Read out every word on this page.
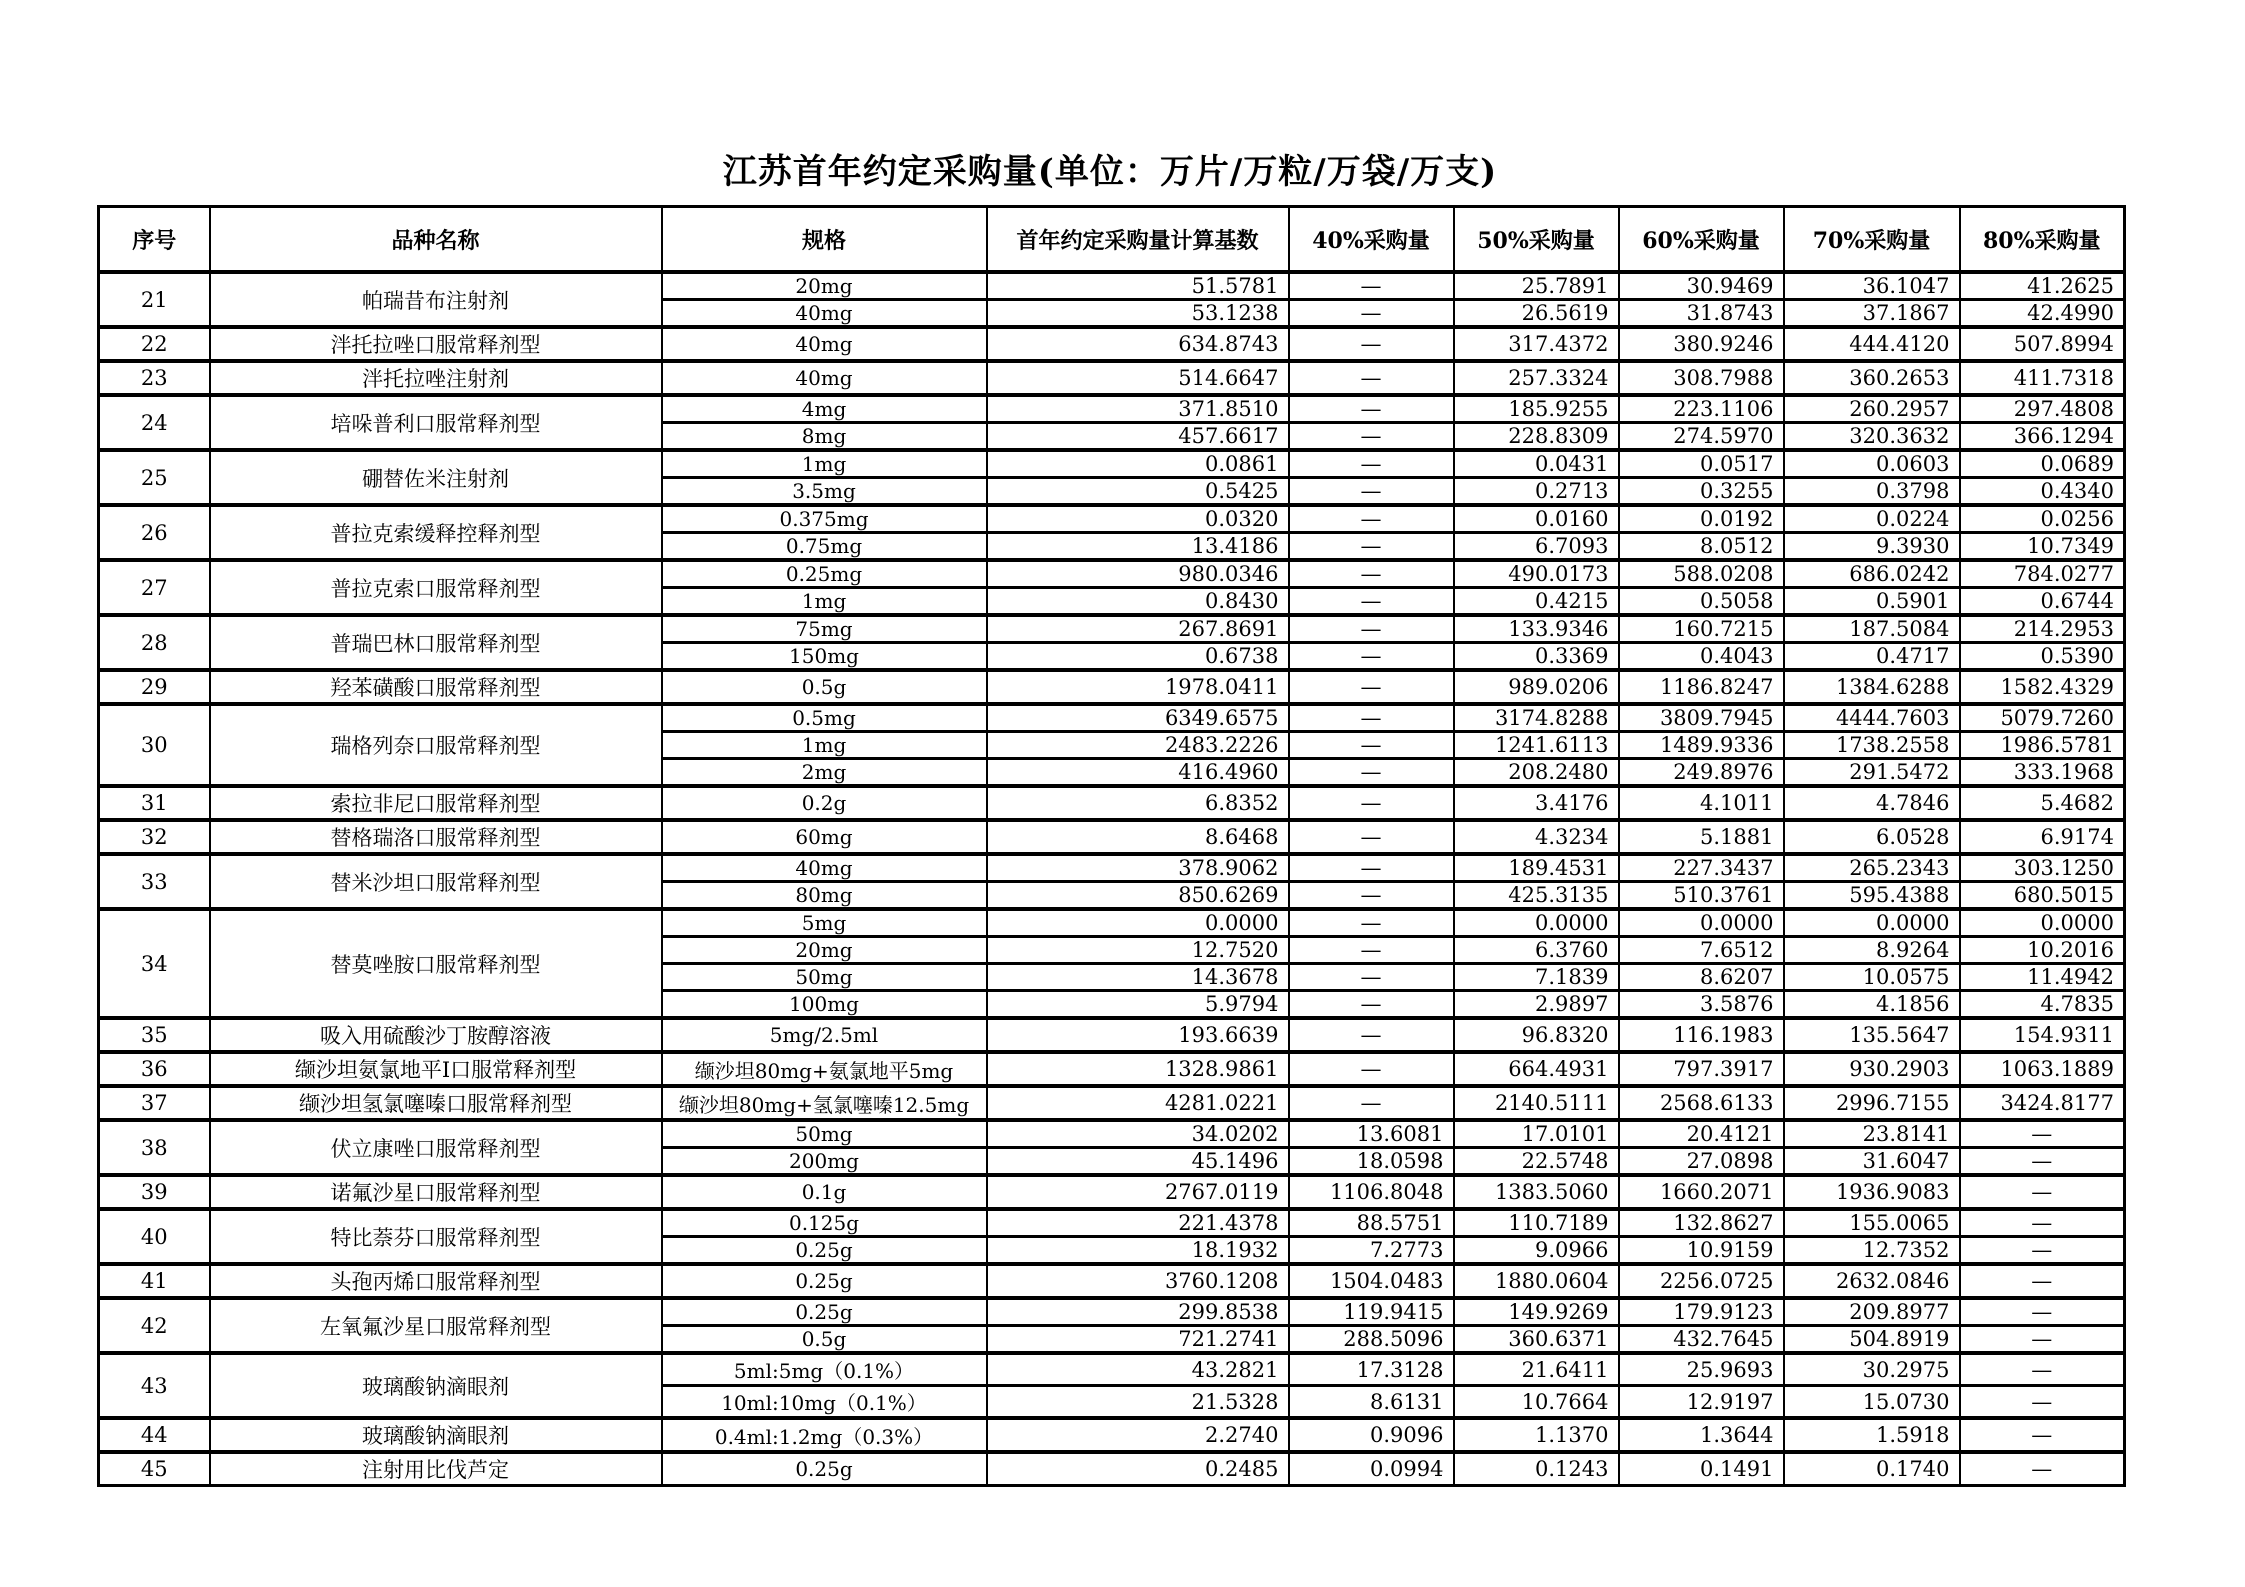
江苏首年约定采购量(单位：万片/万粒/万袋/万支)
序号	品种名称	规格	首年约定采购量计算基数	40%采购量	50%采购量	60%采购量	70%采购量	80%采购量
21	帕瑞昔布注射剂	20mg	51.5781	—	25.7891	30.9469	36.1047	41.2625
		40mg	53.1238	—	26.5619	31.8743	37.1867	42.4990
22	泮托拉唑口服常释剂型	40mg	634.8743	—	317.4372	380.9246	444.4120	507.8994
23	泮托拉唑注射剂	40mg	514.6647	—	257.3324	308.7988	360.2653	411.7318
24	培哚普利口服常释剂型	4mg	371.8510	—	185.9255	223.1106	260.2957	297.4808
		8mg	457.6617	—	228.8309	274.5970	320.3632	366.1294
25	硼替佐米注射剂	1mg	0.0861	—	0.0431	0.0517	0.0603	0.0689
		3.5mg	0.5425	—	0.2713	0.3255	0.3798	0.4340
26	普拉克索缓释控释剂型	0.375mg	0.0320	—	0.0160	0.0192	0.0224	0.0256
		0.75mg	13.4186	—	6.7093	8.0512	9.3930	10.7349
27	普拉克索口服常释剂型	0.25mg	980.0346	—	490.0173	588.0208	686.0242	784.0277
		1mg	0.8430	—	0.4215	0.5058	0.5901	0.6744
28	普瑞巴林口服常释剂型	75mg	267.8691	—	133.9346	160.7215	187.5084	214.2953
		150mg	0.6738	—	0.3369	0.4043	0.4717	0.5390
29	羟苯磺酸口服常释剂型	0.5g	1978.0411	—	989.0206	1186.8247	1384.6288	1582.4329
30	瑞格列奈口服常释剂型	0.5mg	6349.6575	—	3174.8288	3809.7945	4444.7603	5079.7260
		1mg	2483.2226	—	1241.6113	1489.9336	1738.2558	1986.5781
		2mg	416.4960	—	208.2480	249.8976	291.5472	333.1968
31	索拉非尼口服常释剂型	0.2g	6.8352	—	3.4176	4.1011	4.7846	5.4682
32	替格瑞洛口服常释剂型	60mg	8.6468	—	4.3234	5.1881	6.0528	6.9174
33	替米沙坦口服常释剂型	40mg	378.9062	—	189.4531	227.3437	265.2343	303.1250
		80mg	850.6269	—	425.3135	510.3761	595.4388	680.5015
34	替莫唑胺口服常释剂型	5mg	0.0000	—	0.0000	0.0000	0.0000	0.0000
		20mg	12.7520	—	6.3760	7.6512	8.9264	10.2016
		50mg	14.3678	—	7.1839	8.6207	10.0575	11.4942
		100mg	5.9794	—	2.9897	3.5876	4.1856	4.7835
35	吸入用硫酸沙丁胺醇溶液	5mg/2.5ml	193.6639	—	96.8320	116.1983	135.5647	154.9311
36	缬沙坦氨氯地平Ⅰ口服常释剂型	缬沙坦80mg+氨氯地平5mg	1328.9861	—	664.4931	797.3917	930.2903	1063.1889
37	缬沙坦氢氯噻嗪口服常释剂型	缬沙坦80mg+氢氯噻嗪12.5mg	4281.0221	—	2140.5111	2568.6133	2996.7155	3424.8177
38	伏立康唑口服常释剂型	50mg	34.0202	13.6081	17.0101	20.4121	23.8141	—
		200mg	45.1496	18.0598	22.5748	27.0898	31.6047	—
39	诺氟沙星口服常释剂型	0.1g	2767.0119	1106.8048	1383.5060	1660.2071	1936.9083	—
40	特比萘芬口服常释剂型	0.125g	221.4378	88.5751	110.7189	132.8627	155.0065	—
		0.25g	18.1932	7.2773	9.0966	10.9159	12.7352	—
41	头孢丙烯口服常释剂型	0.25g	3760.1208	1504.0483	1880.0604	2256.0725	2632.0846	—
42	左氧氟沙星口服常释剂型	0.25g	299.8538	119.9415	149.9269	179.9123	209.8977	—
		0.5g	721.2741	288.5096	360.6371	432.7645	504.8919	—
43	玻璃酸钠滴眼剂	5ml:5mg（0.1%）	43.2821	17.3128	21.6411	25.9693	30.2975	—
		10ml:10mg（0.1%）	21.5328	8.6131	10.7664	12.9197	15.0730	—
44	玻璃酸钠滴眼剂	0.4ml:1.2mg（0.3%）	2.2740	0.9096	1.1370	1.3644	1.5918	—
45	注射用比伐芦定	0.25g	0.2485	0.0994	0.1243	0.1491	0.1740	—
